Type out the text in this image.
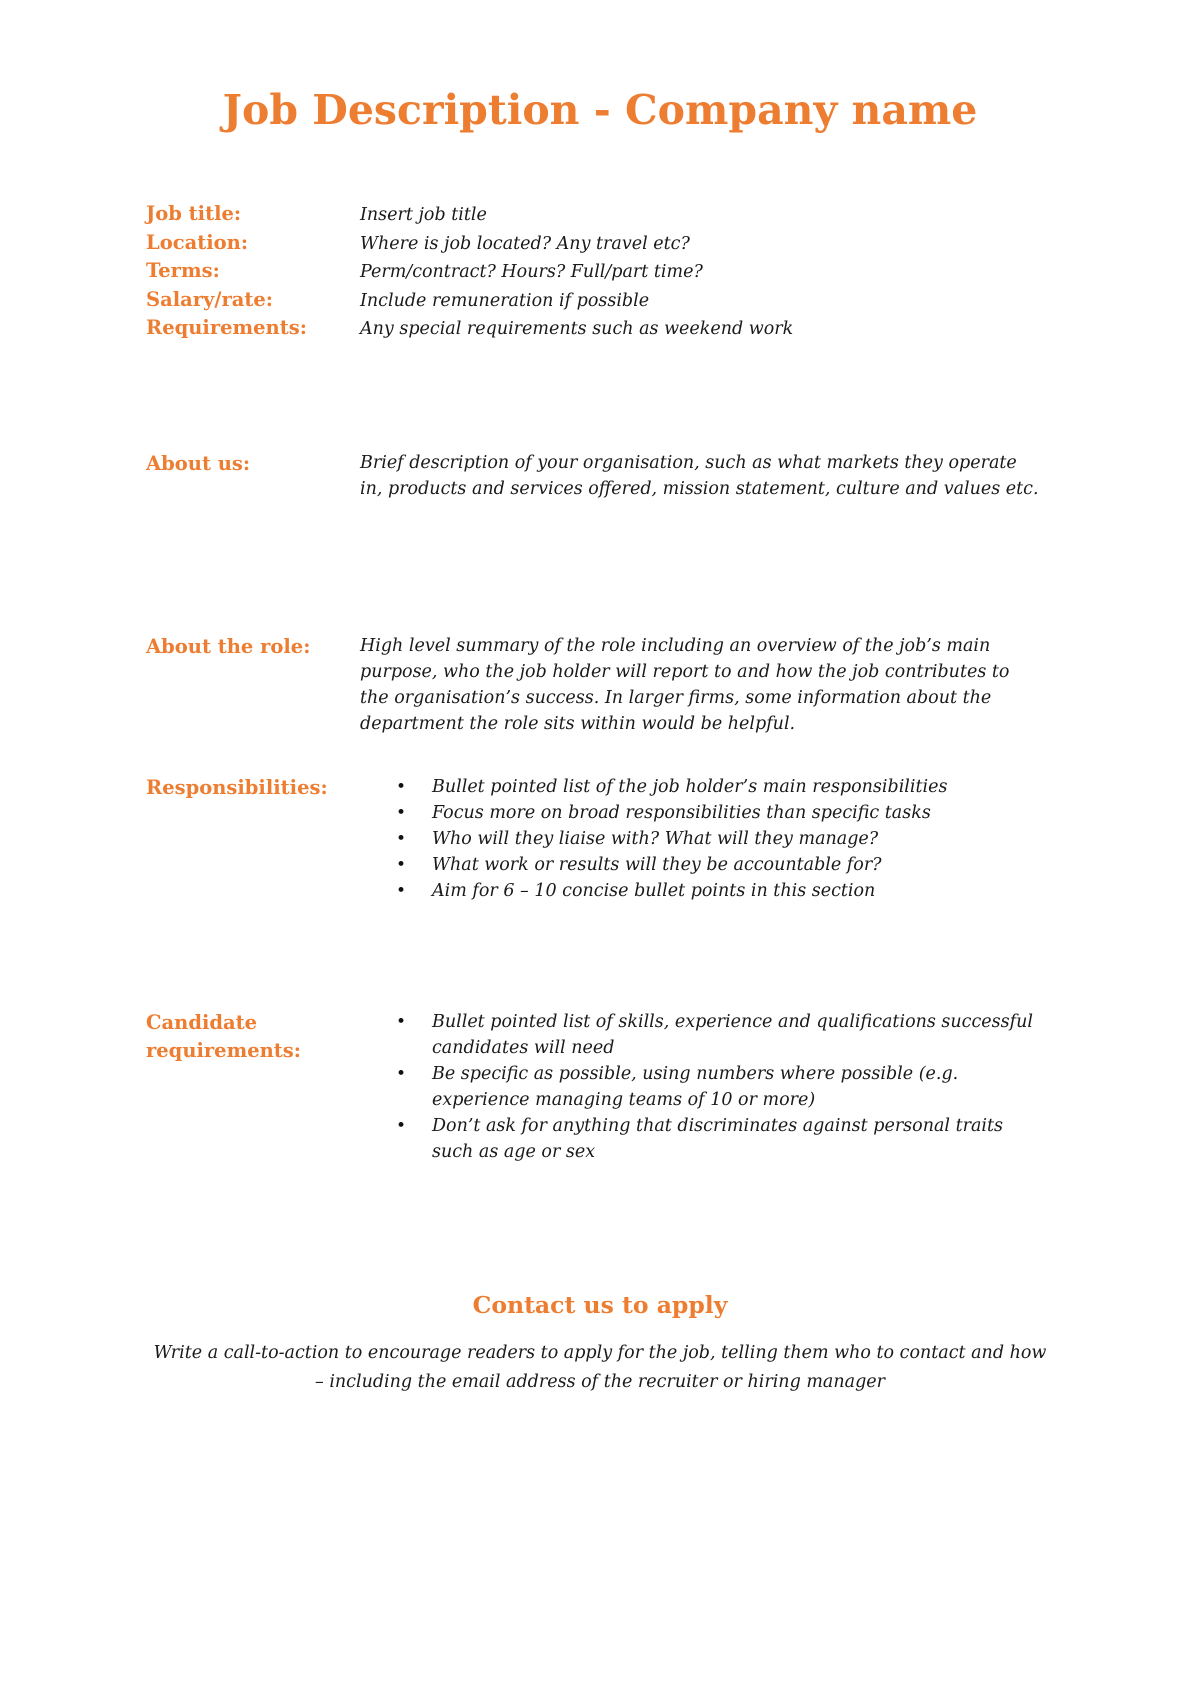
Job Description - Company name
Job title:	Insert job title
Location:	Where is job located? Any travel etc?
Terms:	Perm/contract? Hours? Full/part time?
Salary/rate:	Include remuneration if possible
Requirements:	Any special requirements such as weekend work
About us:	Brief description of your organisation, such as what markets they operate in, products and services offered, mission statement, culture and values etc.

About the role:	High level summary of the role including an overview of the job’s main purpose, who the job holder will report to and how the job contributes to the organisation’s success. In larger firms, some information about the department the role sits within would be helpful.

Responsibilities:	• Bullet pointed list of the job holder’s main responsibilities
• Focus more on broad responsibilities than specific tasks
• Who will they liaise with? What will they manage?
• What work or results will they be accountable for?
• Aim for 6 – 10 concise bullet points in this section
Candidate
requirements:
• Bullet pointed list of skills, experience and qualifications successful candidates will need
• Be specific as possible, using numbers where possible (e.g. experience managing teams of 10 or more)
• Don’t ask for anything that discriminates against personal traits such as age or sex
Contact us to apply

Write a call-to-action to encourage readers to apply for the job, telling them who to contact and how – including the email address of the recruiter or hiring manager
